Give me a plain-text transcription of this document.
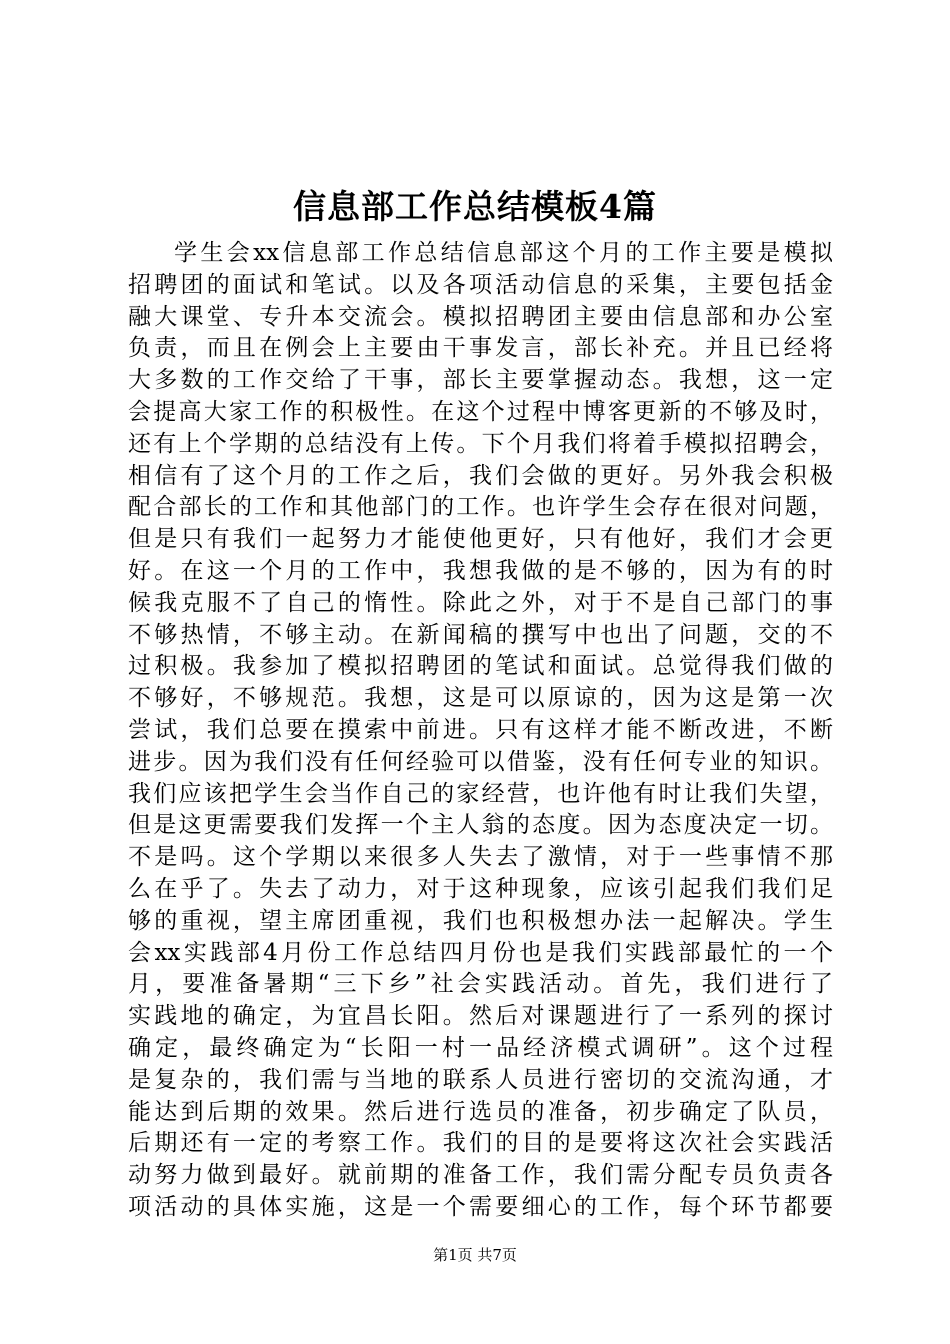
信息部工作总结模板4篇
学生会xx信息部工作总结信息部这个月的工作主要是模拟
招聘团的面试和笔试。以及各项活动信息的采集，主要包括金
融大课堂、专升本交流会。模拟招聘团主要由信息部和办公室
负责，而且在例会上主要由干事发言，部长补充。并且已经将
大多数的工作交给了干事，部长主要掌握动态。我想，这一定
会提高大家工作的积极性。在这个过程中博客更新的不够及时，
还有上个学期的总结没有上传。下个月我们将着手模拟招聘会，
相信有了这个月的工作之后，我们会做的更好。另外我会积极
配合部长的工作和其他部门的工作。也许学生会存在很对问题，
但是只有我们一起努力才能使他更好，只有他好，我们才会更
好。在这一个月的工作中，我想我做的是不够的，因为有的时
候我克服不了自己的惰性。除此之外，对于不是自己部门的事
不够热情，不够主动。在新闻稿的撰写中也出了问题，交的不
过积极。我参加了模拟招聘团的笔试和面试。总觉得我们做的
不够好，不够规范。我想，这是可以原谅的，因为这是第一次
尝试，我们总要在摸索中前进。只有这样才能不断改进，不断
进步。因为我们没有任何经验可以借鉴，没有任何专业的知识。
我们应该把学生会当作自己的家经营，也许他有时让我们失望，
但是这更需要我们发挥一个主人翁的态度。因为态度决定一切。
不是吗。这个学期以来很多人失去了激情，对于一些事情不那
么在乎了。失去了动力，对于这种现象，应该引起我们我们足
够的重视，望主席团重视，我们也积极想办法一起解决。学生
会xx实践部4月份工作总结四月份也是我们实践部最忙的一个
月，要准备暑期“三下乡”社会实践活动。首先，我们进行了
实践地的确定，为宜昌长阳。然后对课题进行了一系列的探讨
确定，最终确定为“长阳一村一品经济模式调研”。这个过程
是复杂的，我们需与当地的联系人员进行密切的交流沟通，才
能达到后期的效果。然后进行选员的准备，初步确定了队员，
后期还有一定的考察工作。我们的目的是要将这次社会实践活
动努力做到最好。就前期的准备工作，我们需分配专员负责各
项活动的具体实施，这是一个需要细心的工作，每个环节都要
第1页 共7页
